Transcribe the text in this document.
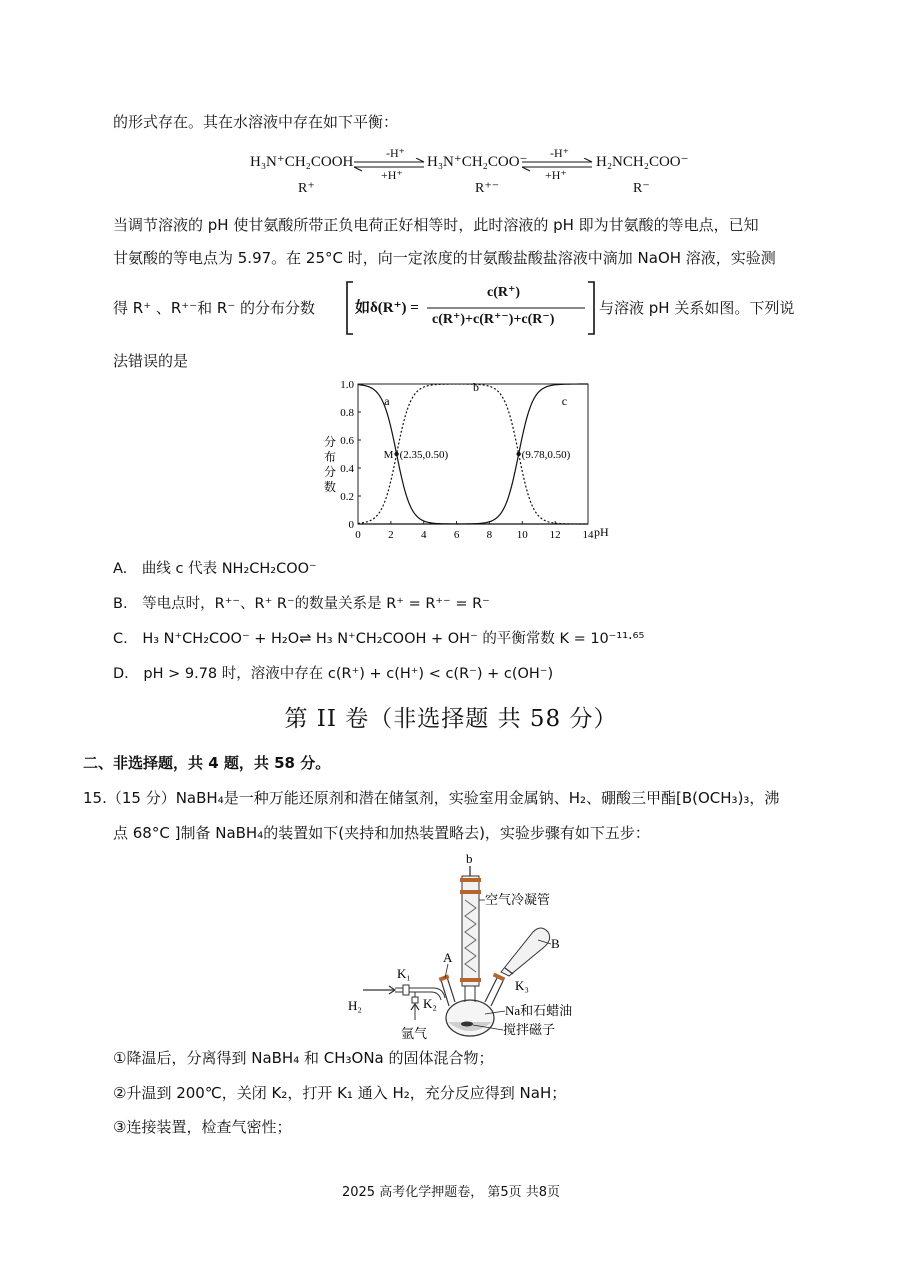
的形式存在。其在水溶液中存在如下平衡：
H₃N⁺CH₂COOH
R⁺
-H⁺
+H⁺
H₃N⁺CH₂COO⁻
R⁺⁻
-H⁺
+H⁺
H₂NCH₂COO⁻
R⁻
当调节溶液的 pH 使甘氨酸所带正负电荷正好相等时，此时溶液的 pH 即为甘氨酸的等电点，已知
甘氨酸的等电点为 5.97。在 25°C 时，向一定浓度的甘氨酸盐酸盐溶液中滴加 NaOH 溶液，实验测
得 R⁺ 、R⁺⁻和 R⁻ 的分布分数	如δ(R⁺) =
c(R⁺)
c(R⁺)+c(R⁺⁻)+c(R⁻)
与溶液 pH 关系如图。下列说
法错误的是
分
布
分
数
0 2 4 6 8 10 12 14 pH
0
0.2
0.4
0.6
0.8
1.0
a
b
c
M (2.35,0.50)	(9.78,0.50)
A. 曲线 c 代表 NH₂CH₂COO⁻
B. 等电点时，R⁺⁻、R⁺ R⁻的数量关系是 R⁺ = R⁺⁻ = R⁻
C. H₃ N⁺CH₂COO⁻ + H₂O⇌ H₃ N⁺CH₂COOH + OH⁻ 的平衡常数 K = 10⁻¹¹·⁶⁵
D. pH > 9.78 时，溶液中存在 c(R⁺) + c(H⁺) < c(R⁻) + c(OH⁻)
第 II 卷（非选择题 共 58 分）
二、非选择题，共 4 题，共 58 分。
15.（15 分）NaBH₄是一种万能还原剂和潜在储氢剂，实验室用金属钠、H₂、硼酸三甲酯[B(OCH₃)₃，沸
点 68°C ]制备 NaBH₄的装置如下(夹持和加热装置略去)，实验步骤有如下五步：
b
空气冷凝管
B
K₃
H₂
K₁
K₂
A
氩气
Na和石蜡油
搅拌磁子
①降温后，分离得到 NaBH₄ 和 CH₃ONa 的固体混合物；
②升温到 200℃，关闭 K₂，打开 K₁ 通入 H₂，充分反应得到 NaH；
③连接装置，检查气密性；
2025 高考化学押题卷， 第5页 共8页
